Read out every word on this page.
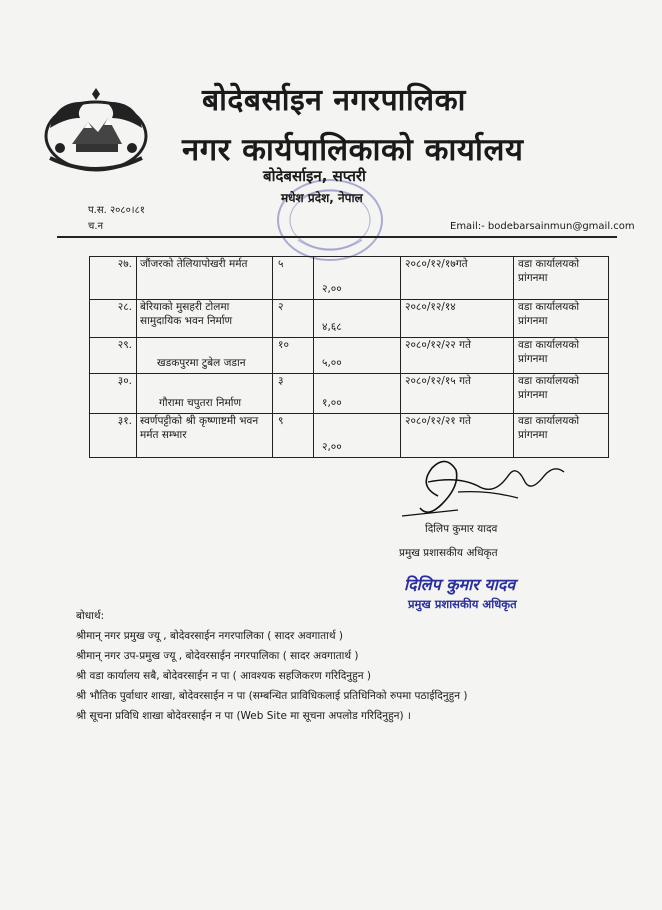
बोदेबर्साइन नगरपालिका
नगर कार्यपालिकाको कार्यालय
बोदेबर्साइन, सप्तरी
मधेश प्रदेश, नेपाल
प.स. २०८०।८१
च.न	Email:- bodebarsainmun@gmail.com
२७.	जौंजरको तेलियापोखरी मर्मत	५	२,००	२०८०/१२/१७गते	वडा कार्यालयको प्रांगनमा
२८.	बेरियाको मुसहरी टोलमा सामुदायिक भवन निर्माण	२	४,६८	२०८०/१२/१४	वडा कार्यालयको प्रांगनमा
२९.	खडकपुरमा टुबेल जडान	१०	५,००	२०८०/१२/२२ गते	वडा कार्यालयको प्रांगनमा
३०.	गौरामा चपुतरा निर्माण	३	१,००	२०८०/१२/१५ गते	वडा कार्यालयको प्रांगनमा
३१.	स्वर्णपट्टीको श्री कृष्णाष्टमी भवन मर्मत सम्भार	९	२,००	२०८०/१२/२१ गते	वडा कार्यालयको प्रांगनमा
दिलिप कुमार यादव
प्रमुख प्रशासकीय अधिकृत
दिलिप कुमार यादव
प्रमुख प्रशासकीय अधिकृत
बोधार्थ:
श्रीमान् नगर प्रमुख ज्यू , बोदेवरसाईन नगरपालिका ( सादर अवगातार्थ )
श्रीमान् नगर उप-प्रमुख ज्यू , बोदेवरसाईन नगरपालिका ( सादर अवगातार्थ )
श्री वडा कार्यालय सबै, बोदेवरसाईन न पा ( आवश्यक सहजिकरण गरिदिनुहुन )
श्री भौतिक पुर्वाधार शाखा, बोदेवरसाईन न पा (सम्बन्धित प्राविधिकलाई प्रतिधिनिको रुपमा पठाईदिनुहुन )
श्री सूचना प्रविधि शाखा बोदेवरसाईन न पा (Web Site मा सूचना अपलोड गरिदिनुहुन) ।
